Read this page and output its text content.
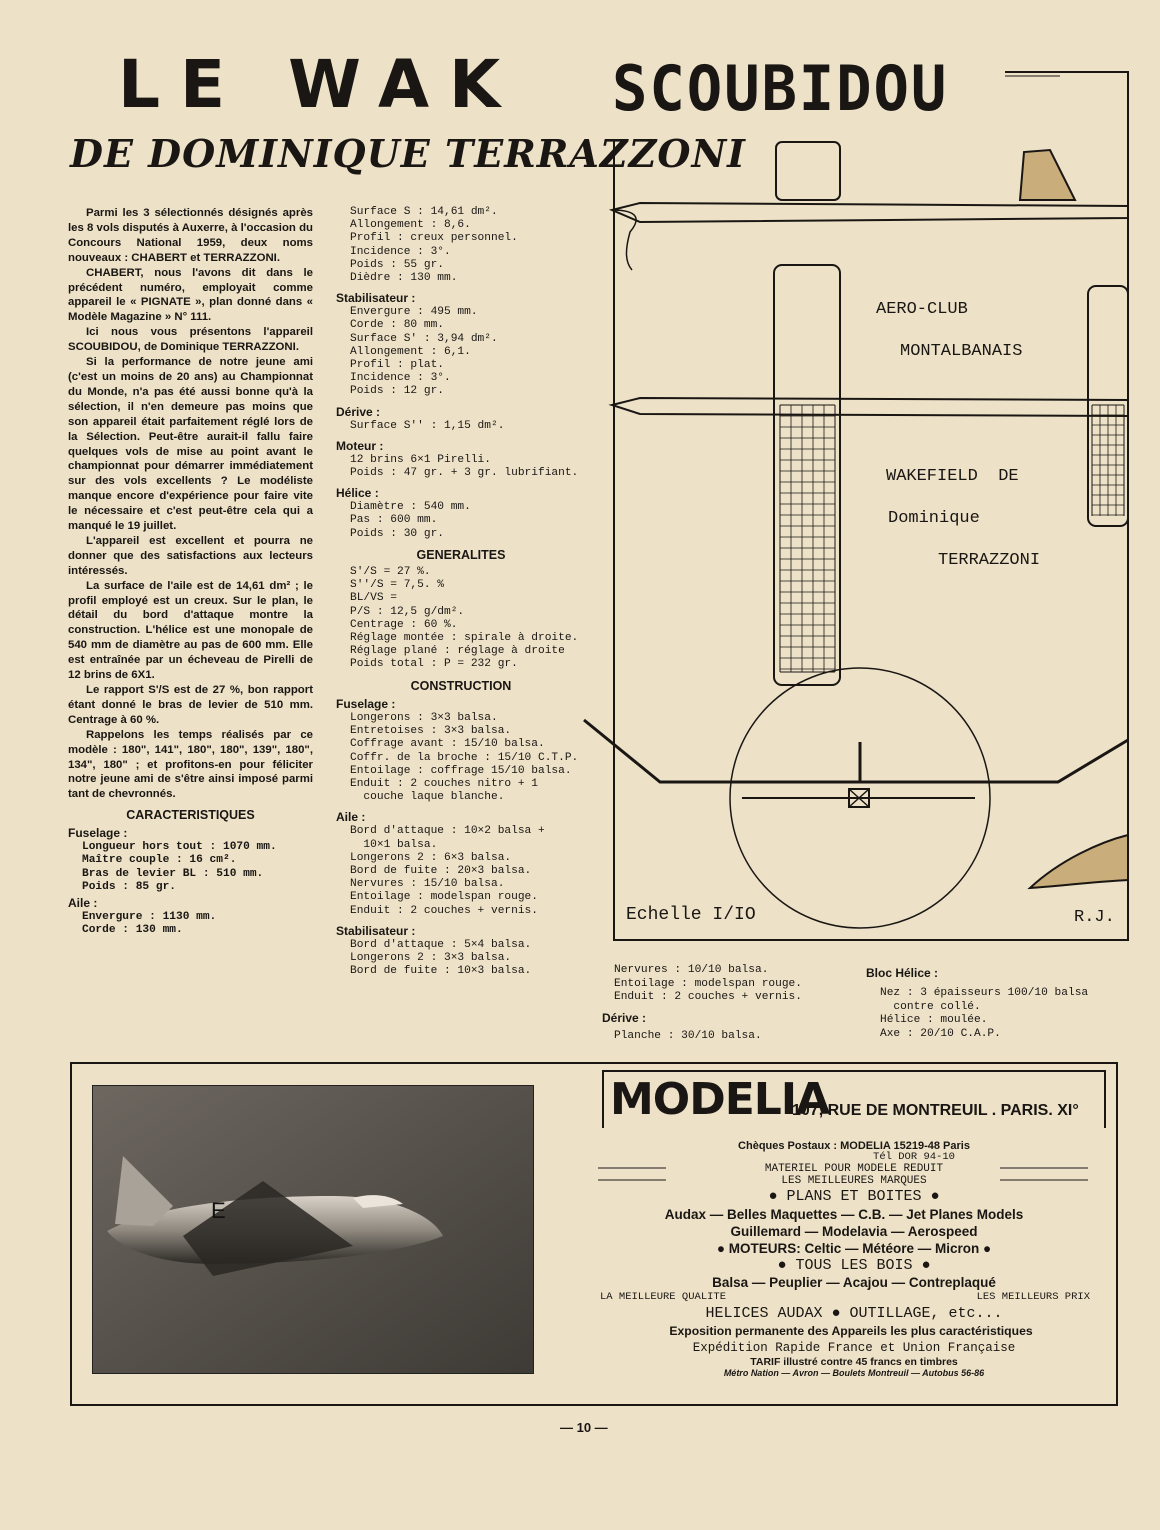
LE WAK
DE DOMINIQUE TERRAZZONI

Parmi les 3 sélectionnés désignés après les 8 vols disputés à Auxerre, à l'occasion du Concours National 1959, deux noms nouveaux : CHABERT et TERRAZZONI.

CHABERT, nous l'avons dit dans le précédent numéro, employait comme appareil le « PIGNATE », plan donné dans « Modèle Magazine » N° 111.

Ici nous vous présentons l'appareil SCOUBIDOU, de Dominique TERRAZZONI.

Si la performance de notre jeune ami (c'est un moins de 20 ans) au Championnat du Monde, n'a pas été aussi bonne qu'à la sélection, il n'en demeure pas moins que son appareil était parfaitement réglé lors de la Sélection. Peut-être aurait-il fallu faire quelques vols de mise au point avant le championnat pour démarrer immédiatement sur des vols excellents ? Le modéliste manque encore d'expérience pour faire vite le nécessaire et c'est peut-être cela qui a manqué le 19 juillet.

L'appareil est excellent et pourra ne donner que des satisfactions aux lecteurs intéressés.

La surface de l'aile est de 14,61 dm² ; le profil employé est un creux. Sur le plan, le détail du bord d'attaque montre la construction. L'hélice est une monopale de 540 mm de diamètre au pas de 600 mm. Elle est entraînée par un écheveau de Pirelli de 12 brins de 6X1.

Le rapport S'/S est de 27 %, bon rapport étant donné le bras de levier de 510 mm. Centrage à 60 %.

Rappelons les temps réalisés par ce modèle : 180", 141", 180", 180", 139", 180", 134", 180" ; et profitons-en pour féliciter notre jeune ami de s'être ainsi imposé parmi tant de chevronnés.

CARACTERISTIQUES
Fuselage :
Longueur hors tout : 1070 mm.
Maître couple : 16 cm².
Bras de levier BL : 510 mm.
Poids : 85 gr.
Aile :
Envergure : 1130 mm.
Corde : 130 mm.
Surface S : 14,61 dm².
Allongement : 8,6.
Profil : creux personnel.
Incidence : 3°.
Poids : 55 gr.
Dièdre : 130 mm.
Stabilisateur :
Envergure : 495 mm.
Corde : 80 mm.
Surface S' : 3,94 dm².
Allongement : 6,1.
Profil : plat.
Incidence : 3°.
Poids : 12 gr.
Dérive :
Surface S'' : 1,15 dm².
Moteur :
12 brins 6×1 Pirelli.
Poids : 47 gr. + 3 gr. lubrifiant.
Hélice :
Diamètre : 540 mm.
Pas : 600 mm.
Poids : 30 gr.
GENERALITES
S'/S = 27 %.
S''/S = 7,5. %
BL/VS =
P/S : 12,5 g/dm².
Centrage : 60 %.
Réglage montée : spirale à droite.
Réglage plané : réglage à droite
Poids total : P = 232 gr.
CONSTRUCTION
Fuselage :
Longerons : 3×3 balsa.
Entretoises : 3×3 balsa.
Coffrage avant : 15/10 balsa.
Coffr. de la broche : 15/10 C.T.P.
Entoilage : coffrage 15/10 balsa.
Enduit : 2 couches nitro + 1
couche laque blanche.
Aile :
Bord d'attaque : 10×2 balsa +
10×1 balsa.
Longerons 2 : 6×3 balsa.
Bord de fuite : 20×3 balsa.
Nervures : 15/10 balsa.
Entoilage : modelspan rouge.
Enduit : 2 couches + vernis.
Stabilisateur :
Bord d'attaque : 5×4 balsa.
Longerons 2 : 3×3 balsa.
Bord de fuite : 10×3 balsa.
SCOUBIDOU
AERO-CLUB
MONTALBANAIS
WAKEFIELD  DE
Dominique
TERRAZZONI
Echelle I/IO	R.J.
Nervures : 10/10 balsa.
Entoilage : modelspan rouge.
Enduit : 2 couches + vernis.
Dérive :
Planche : 30/10 balsa.
Bloc Hélice :
Nez : 3 épaisseurs 100/10 balsa
contre collé.
Hélice : moulée.
Axe : 20/10 C.A.P.
E
MODELIA
107, RUE DE MONTREUIL . PARIS. XI°
Chèques Postaux : MODELIA 15219-48 Paris
Tél DOR 94-10
MATERIEL POUR MODELE REDUIT
LES MEILLEURES MARQUES
● PLANS ET BOITES ●
Audax — Belles Maquettes — C.B. — Jet Planes Models
Guillemard — Modelavia — Aerospeed
● MOTEURS: Celtic — Météore — Micron ●
● TOUS LES BOIS ●
Balsa — Peuplier — Acajou — Contreplaqué
LA MEILLEURE QUALITE	LES MEILLEURS PRIX
HELICES AUDAX ● OUTILLAGE, etc...
Exposition permanente des Appareils les plus caractéristiques
Expédition Rapide France et Union Française
TARIF illustré contre 45 francs en timbres
Métro Nation — Avron — Boulets Montreuil — Autobus 56-86
— 10 —
